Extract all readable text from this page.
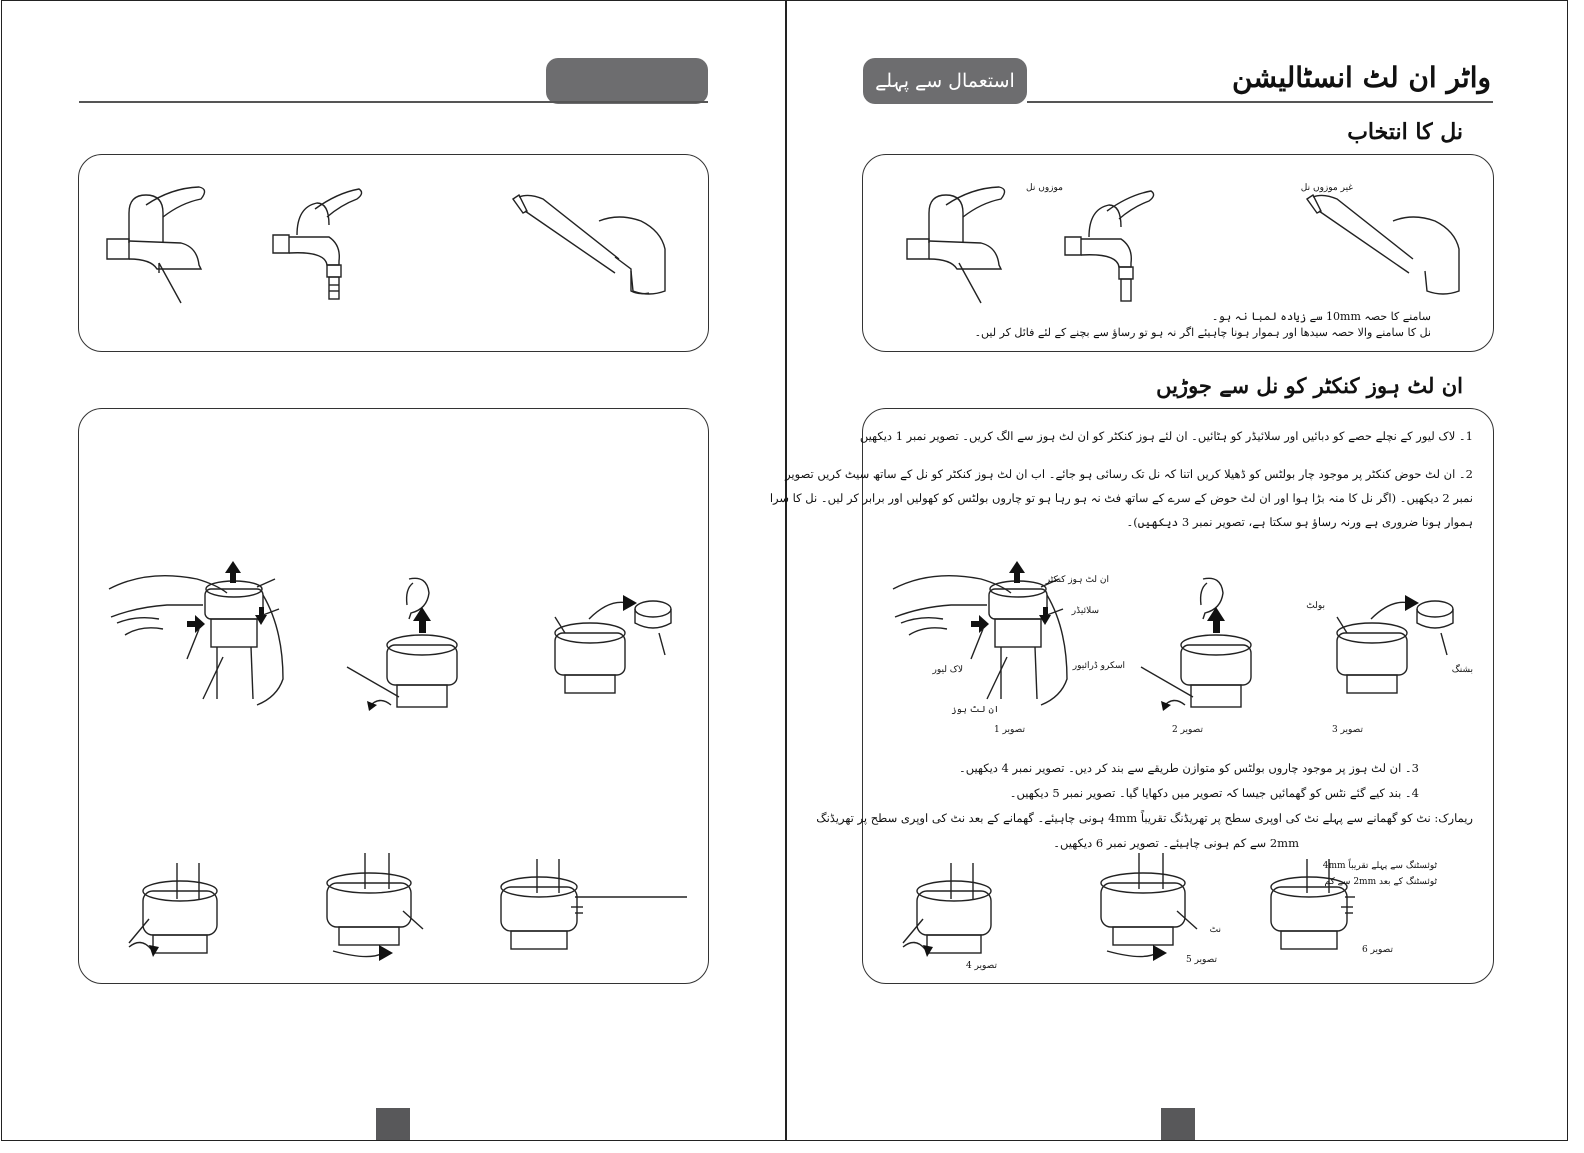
استعمال سے پہلے	واٹر ان لٹ انسٹالیشن
نل کا انتخاب
موزوں نل	غیر موزوں نل
سامنے کا حصہ 10mm سے زیادہ لمبا نہ ہو۔
نل کا سامنے والا حصہ سیدھا اور ہموار ہونا چاہیئے اگر نہ ہو تو رساؤ سے بچنے کے لئے فائل کر لیں۔
ان لٹ ہوز کنکٹر کو نل سے جوڑیں
1۔ لاک لیور کے نچلے حصے کو دبائیں اور سلائیڈر کو ہٹائیں۔ ان لئے ہوز کنکٹر کو ان لٹ ہوز سے الگ کریں۔ تصویر نمبر 1 دیکھیں
2۔ ان لٹ حوض کنکٹر پر موجود چار بولٹس کو ڈھیلا کریں اتنا کہ نل تک رسائی ہو جائے۔ اب ان لٹ ہوز کنکٹر کو نل کے ساتھ سیٹ کریں تصویر
نمبر 2 دیکھیں۔ (اگر نل کا منہ بڑا ہوا اور ان لٹ حوض کے سرے کے ساتھ فٹ نہ ہو رہا ہو تو چاروں بولٹس کو کھولیں اور برابر کر لیں۔ نل کا سرا
ہموار ہونا ضروری ہے ورنہ رساؤ ہو سکتا ہے، تصویر نمبر 3 دیکھیں)۔
ان لٹ ہوز کنکٹر
سلائیڈر
لاک لیور
ان لٹ ہوز
تصویر 1
اسکرو ڈرائیور
تصویر 2
بولٹ
بشنگ
تصویر 3
3۔ ان لٹ ہوز پر موجود چاروں بولٹس کو متوازن طریقے سے بند کر دیں۔ تصویر نمبر 4 دیکھیں۔
4۔ بند کیے گئے نٹس کو گھمائیں جیسا کہ تصویر میں دکھایا گیا۔ تصویر نمبر 5 دیکھیں۔
ریمارک: نٹ کو گھمانے سے پہلے نٹ کی اوپری سطح پر تھریڈنگ تقریباً 4mm ہونی چاہیئے۔ گھمانے کے بعد نٹ کی اوپری سطح پر تھریڈنگ
2mm سے کم ہونی چاہیئے۔ تصویر نمبر 6 دیکھیں۔
تصویر 4
نٹ
تصویر 5
ٹوئسٹنگ سے پہلے تقریباً 4mm
ٹوئسٹنگ کے بعد 2mm سے کم
تصویر 6
